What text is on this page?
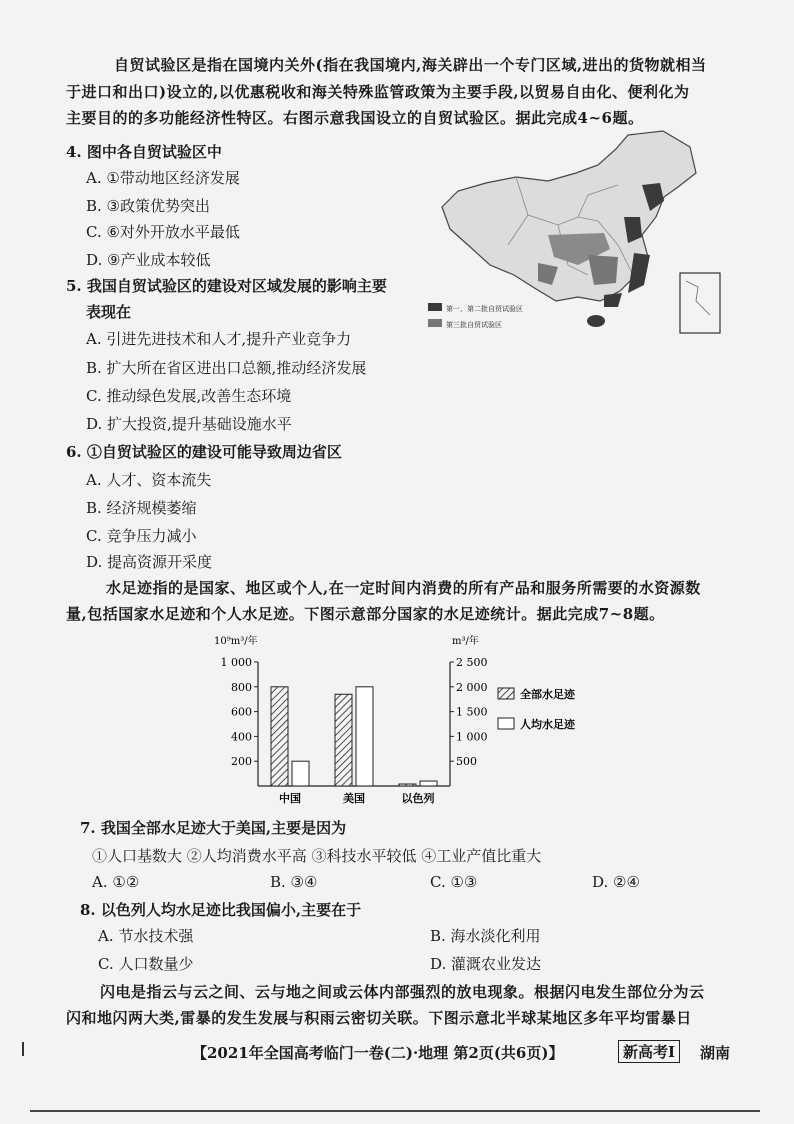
自贸试验区是指在国境内关外(指在我国境内,海关辟出一个专门区域,进出的货物就相当
于进口和出口)设立的,以优惠税收和海关特殊监管政策为主要手段,以贸易自由化、便利化为
主要目的的多功能经济性特区。右图示意我国设立的自贸试验区。据此完成4~6题。
4. 图中各自贸试验区中
A. ①带动地区经济发展
B. ③政策优势突出
C. ⑥对外开放水平最低
D. ⑨产业成本较低
5. 我国自贸试验区的建设对区域发展的影响主要
表现在
A. 引进先进技术和人才,提升产业竞争力
B. 扩大所在省区进出口总额,推动经济发展
C. 推动绿色发展,改善生态环境
D. 扩大投资,提升基础设施水平
6. ①自贸试验区的建设可能导致周边省区
A. 人才、资本流失
B. 经济规模萎缩
C. 竞争压力减小
D. 提高资源开采度
第一、第二批自贸试验区
第三批自贸试验区
水足迹指的是国家、地区或个人,在一定时间内消费的所有产品和服务所需要的水资源数
量,包括国家水足迹和个人水足迹。下图示意部分国家的水足迹统计。据此完成7~8题。
10⁹m³/年	m³/年
200
400
600
800
1 000
500
1 000
1 500
2 000
2 500
中国	美国	以色列
全部水足迹
人均水足迹
7. 我国全部水足迹大于美国,主要是因为
①人口基数大 ②人均消费水平高 ③科技水平较低 ④工业产值比重大
A. ①②	B. ③④	C. ①③	D. ②④
8. 以色列人均水足迹比我国偏小,主要在于
A. 节水技术强	B. 海水淡化利用
C. 人口数量少	D. 灌溉农业发达
闪电是指云与云之间、云与地之间或云体内部强烈的放电现象。根据闪电发生部位分为云
闪和地闪两大类,雷暴的发生发展与积雨云密切关联。下图示意北半球某地区多年平均雷暴日
【2021年全国高考临门一卷(二)·地理 第2页(共6页)】	新高考Ⅰ	湖南
